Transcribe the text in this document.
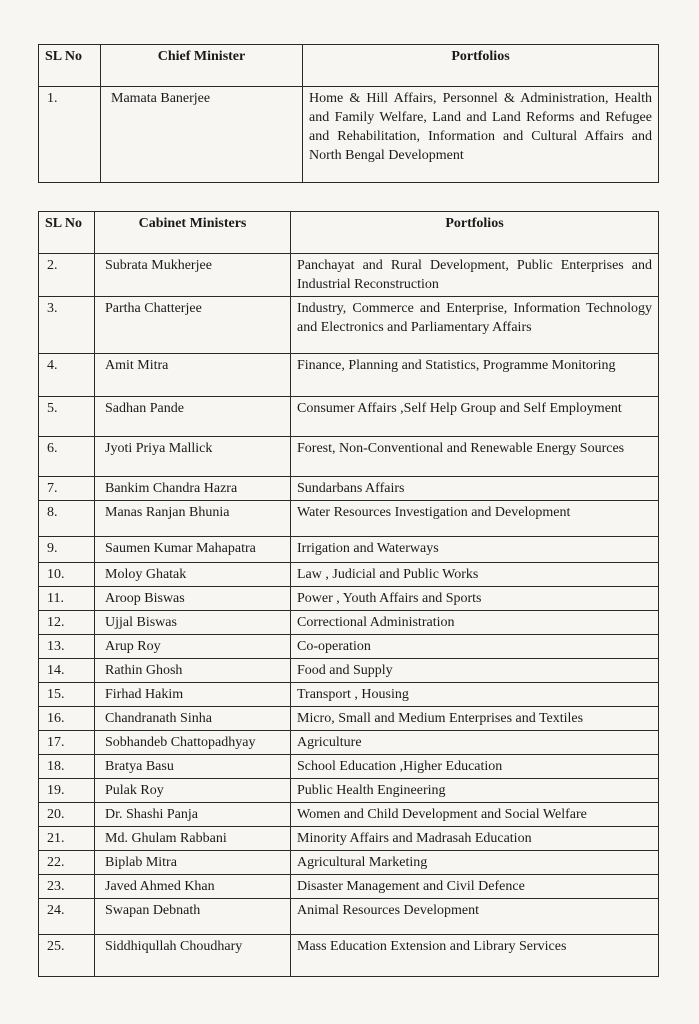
SL No	Chief Minister	Portfolios
1.	Mamata Banerjee	Home & Hill Affairs, Personnel & Administration, Health and Family Welfare, Land and Land Reforms and Refugee and Rehabilitation, Information and Cultural Affairs and North Bengal Development
SL No	Cabinet Ministers	Portfolios
2.	Subrata Mukherjee	Panchayat and Rural Development, Public Enterprises and Industrial Reconstruction
3.	Partha Chatterjee	Industry, Commerce and Enterprise, Information Technology and Electronics and Parliamentary Affairs
4.	Amit Mitra	Finance, Planning and Statistics, Programme Monitoring
5.	Sadhan Pande	Consumer Affairs ,Self Help Group and Self Employment
6.	Jyoti Priya Mallick	Forest, Non-Conventional and Renewable Energy Sources
7.	Bankim Chandra Hazra	Sundarbans Affairs
8.	Manas Ranjan Bhunia	Water Resources Investigation and Development
9.	Saumen Kumar Mahapatra	Irrigation and Waterways
10.	Moloy Ghatak	Law , Judicial and Public Works
11.	Aroop Biswas	Power , Youth Affairs and Sports
12.	Ujjal Biswas	Correctional Administration
13.	Arup Roy	Co-operation
14.	Rathin Ghosh	Food and Supply
15.	Firhad Hakim	Transport , Housing
16.	Chandranath Sinha	Micro, Small and Medium Enterprises and Textiles
17.	Sobhandeb Chattopadhyay	Agriculture
18.	Bratya Basu	School Education ,Higher Education
19.	Pulak Roy	Public Health Engineering
20.	Dr. Shashi Panja	Women and Child Development and Social Welfare
21.	Md. Ghulam Rabbani	Minority Affairs and Madrasah Education
22.	Biplab Mitra	Agricultural Marketing
23.	Javed Ahmed Khan	Disaster Management and Civil Defence
24.	Swapan Debnath	Animal Resources Development
25.	Siddhiqullah Choudhary	Mass Education Extension and Library Services
